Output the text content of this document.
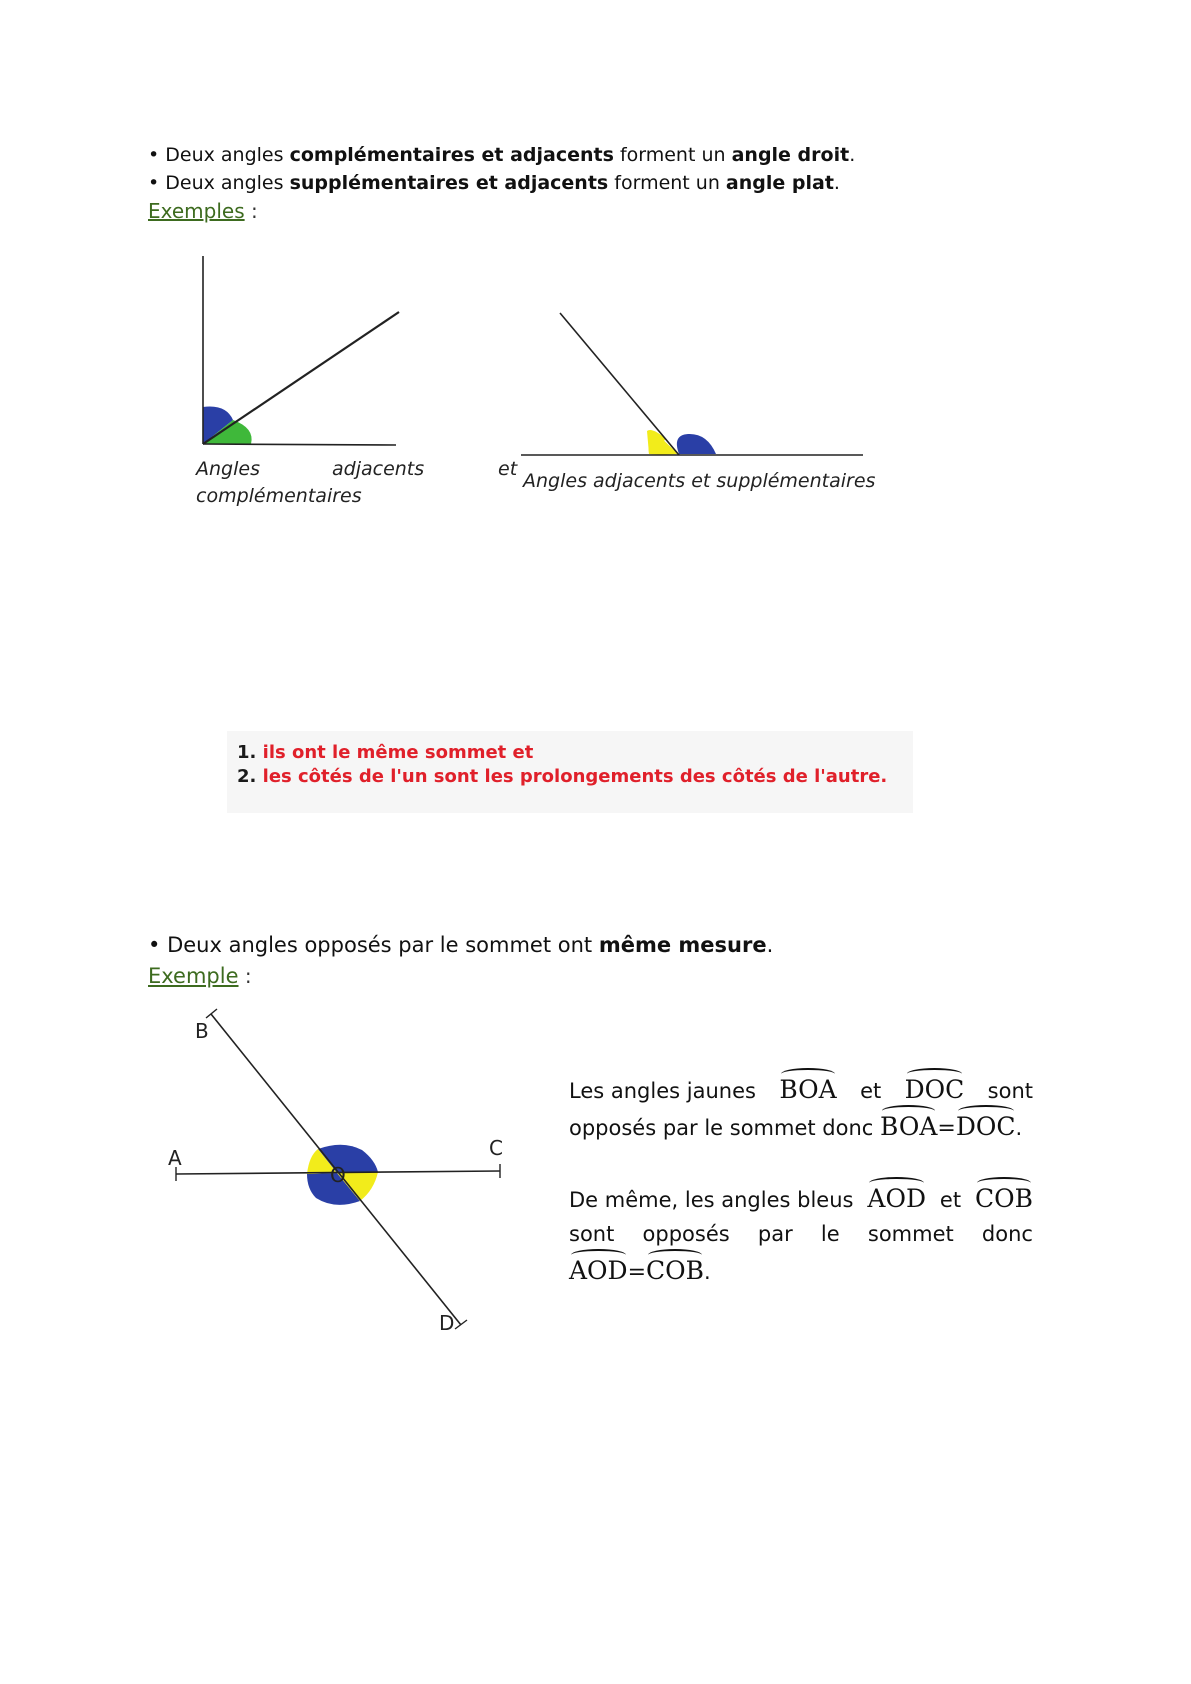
• Deux angles complémentaires et adjacents forment un angle droit.
• Deux angles supplémentaires et adjacents forment un angle plat.
Exemples :
Angles	adjacents
complémentaires
et
Angles adjacents et supplémentaires
1. ils ont le même sommet et
2. les côtés de l'un sont les prolongements des côtés de l'autre.
• Deux angles opposés par le sommet ont même mesure.
Exemple :
B
A	C
O
D
Les angles jaunes BOA et DOC sont
opposés par le sommet donc BOA=DOC.
De même, les angles bleus AOD et COB
sont opposés par le sommet donc
AOD=COB.
